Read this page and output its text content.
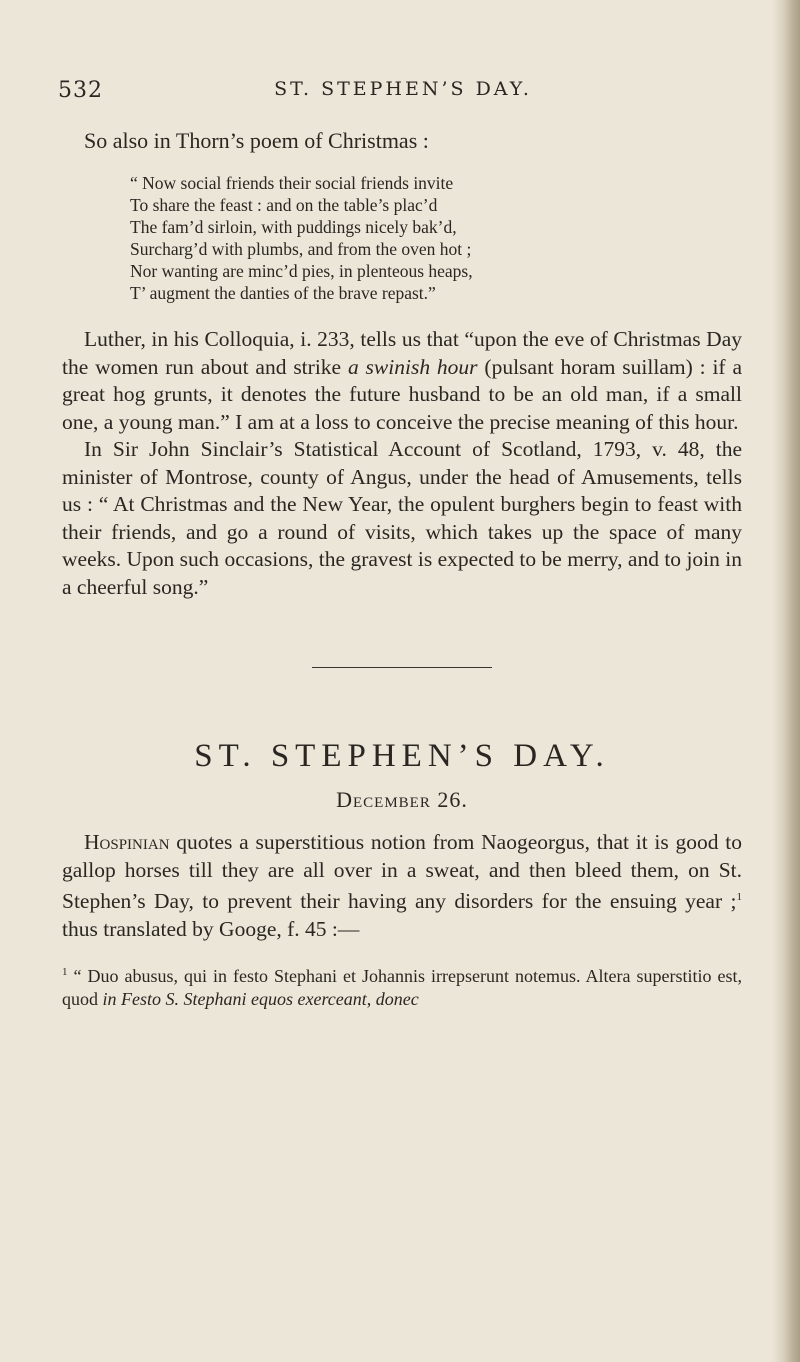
532	ST. STEPHEN’S DAY.

So also in Thorn’s poem of Christmas :

“ Now social friends their social friends invite
To share the feast : and on the table’s plac’d
The fam’d sirloin, with puddings nicely bak’d,
Surcharg’d with plumbs, and from the oven hot ;
Nor wanting are minc’d pies, in plenteous heaps,
T’ augment the danties of the brave repast.”

Luther, in his Colloquia, i. 233, tells us that “upon the eve of Christmas Day the women run about and strike a swinish hour (pulsant horam suillam) : if a great hog grunts, it denotes the future husband to be an old man, if a small one, a young man.” I am at a loss to conceive the precise meaning of this hour.

In Sir John Sinclair’s Statistical Account of Scotland, 1793, v. 48, the minister of Montrose, county of Angus, under the head of Amusements, tells us : “ At Christmas and the New Year, the opulent burghers begin to feast with their friends, and go a round of visits, which takes up the space of many weeks. Upon such occasions, the gravest is expected to be merry, and to join in a cheerful song.”

ST. STEPHEN’S DAY.
December 26.

Hospinian quotes a superstitious notion from Naogeorgus, that it is good to gallop horses till they are all over in a sweat, and then bleed them, on St. Stephen’s Day, to prevent their having any disorders for the ensuing year ;$^1$ thus translated by Googe, f. 45 :—

$^1$ “ Duo abusus, qui in festo Stephani et Johannis irrepserunt notemus. Altera superstitio est, quod in Festo S. Stephani equos exerceant, donec
